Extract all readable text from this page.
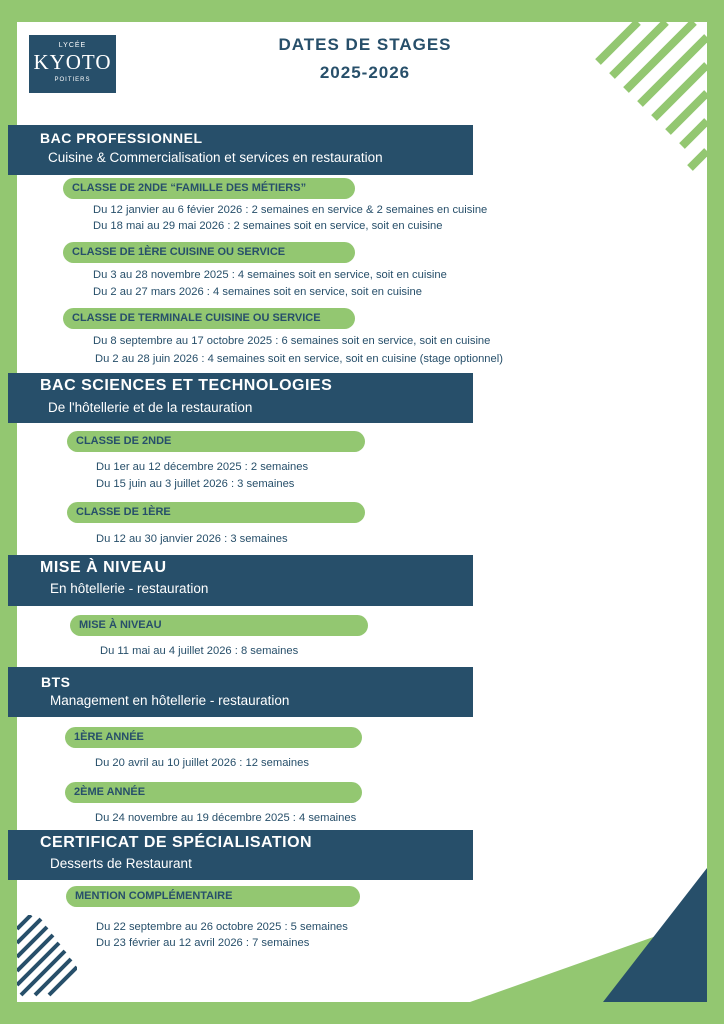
LYCÉE
KYOTO
POITIERS
DATES DE STAGES
2025-2026
BAC PROFESSIONNEL
Cuisine & Commercialisation et services en restauration
CLASSE DE 2NDE “FAMILLE DES MÉTIERS”
Du 12 janvier au 6 févier 2026 : 2 semaines en service & 2 semaines en cuisine
Du 18 mai au 29 mai 2026 : 2 semaines soit en service, soit en cuisine
CLASSE DE 1ÈRE CUISINE OU SERVICE
Du 3 au 28 novembre 2025 : 4 semaines soit en service, soit en cuisine
Du 2 au 27 mars 2026 : 4 semaines soit en service, soit en cuisine
CLASSE DE TERMINALE CUISINE OU SERVICE
Du 8 septembre au 17 octobre 2025 : 6 semaines soit en service, soit en cuisine
Du 2 au 28 juin 2026 : 4 semaines soit en service, soit en cuisine (stage optionnel)
BAC SCIENCES ET TECHNOLOGIES
De l'hôtellerie et de la restauration
CLASSE DE 2NDE
Du 1er au 12 décembre 2025 : 2 semaines
Du 15 juin au 3 juillet 2026 : 3 semaines
CLASSE DE 1ÈRE
Du 12 au 30 janvier 2026 : 3 semaines
MISE À NIVEAU
En hôtellerie - restauration
MISE À NIVEAU
Du 11 mai au 4 juillet 2026 : 8 semaines
BTS
Management en hôtellerie - restauration
1ÈRE ANNÉE
Du 20 avril au 10 juillet 2026 : 12 semaines
2ÈME ANNÉE
Du 24 novembre au 19 décembre 2025 : 4 semaines
CERTIFICAT DE SPÉCIALISATION
Desserts de Restaurant
MENTION COMPLÉMENTAIRE
Du 22 septembre au 26 octobre 2025 : 5 semaines
Du 23 février au 12 avril 2026 : 7 semaines
